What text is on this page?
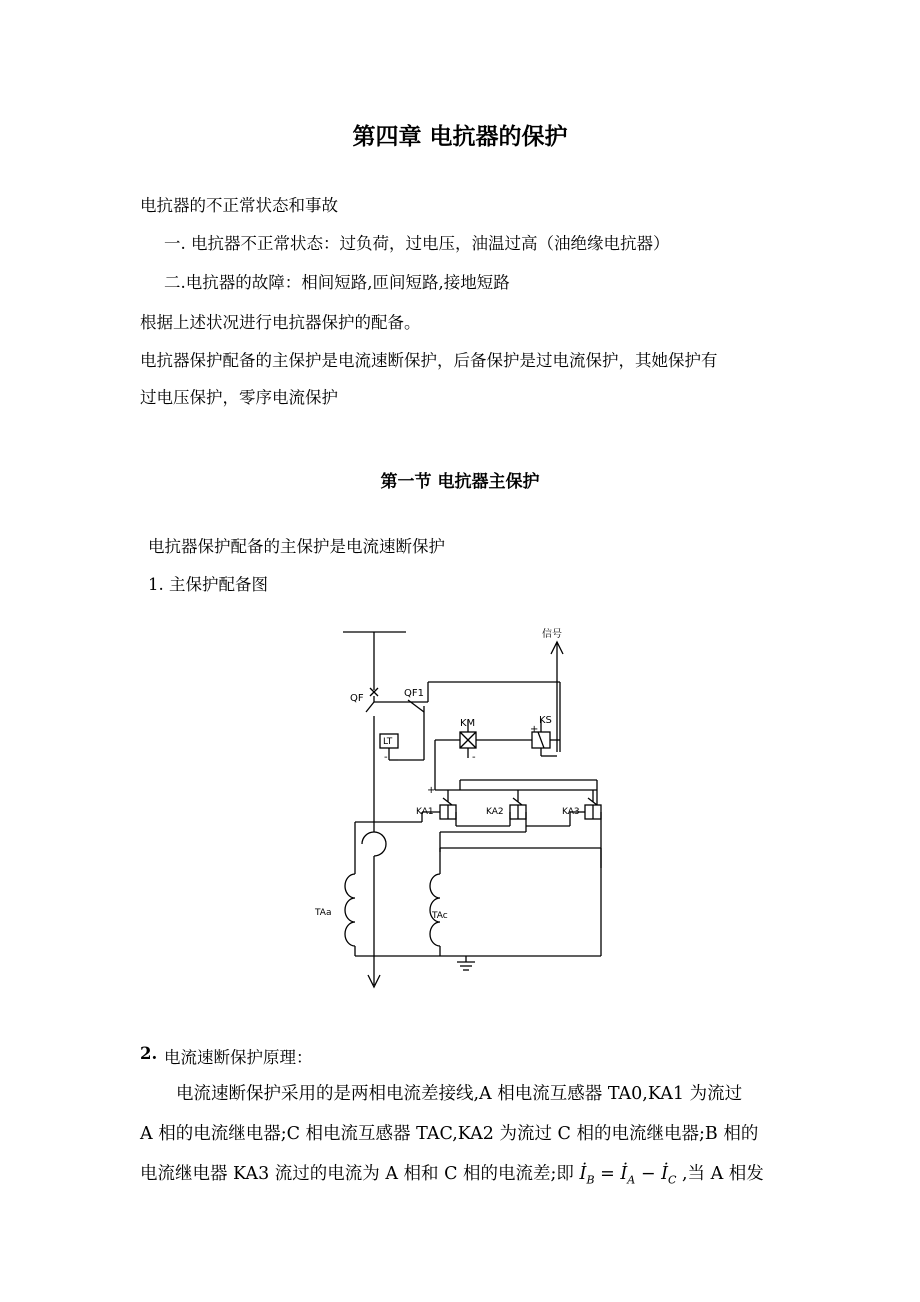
第四章 电抗器的保护
电抗器的不正常状态和事故
一. 电抗器不正常状态：过负荷，过电压，油温过高（油绝缘电抗器）
二.电抗器的故障：相间短路,匝间短路,接地短路
根据上述状况进行电抗器保护的配备。
电抗器保护配备的主保护是电流速断保护，后备保护是过电流保护，其她保护有
过电压保护，零序电流保护
第一节 电抗器主保护
电抗器保护配备的主保护是电流速断保护
1. 主保护配备图
信号
QF	QF1
KM	KS
LT
KA1	KA2	KA3
TAa	TAc
+
-	-
+
2. 电流速断保护原理：
电流速断保护采用的是两相电流差接线,A 相电流互感器 TA0,KA1 为流过
A 相的电流继电器;C 相电流互感器 TAC,KA2 为流过 C 相的电流继电器;B 相的
电流继电器 KA3 流过的电流为 A 相和 C 相的电流差;即 $İ_B$ = $İ_A$ − $İ_C$ ,当 A 相发
